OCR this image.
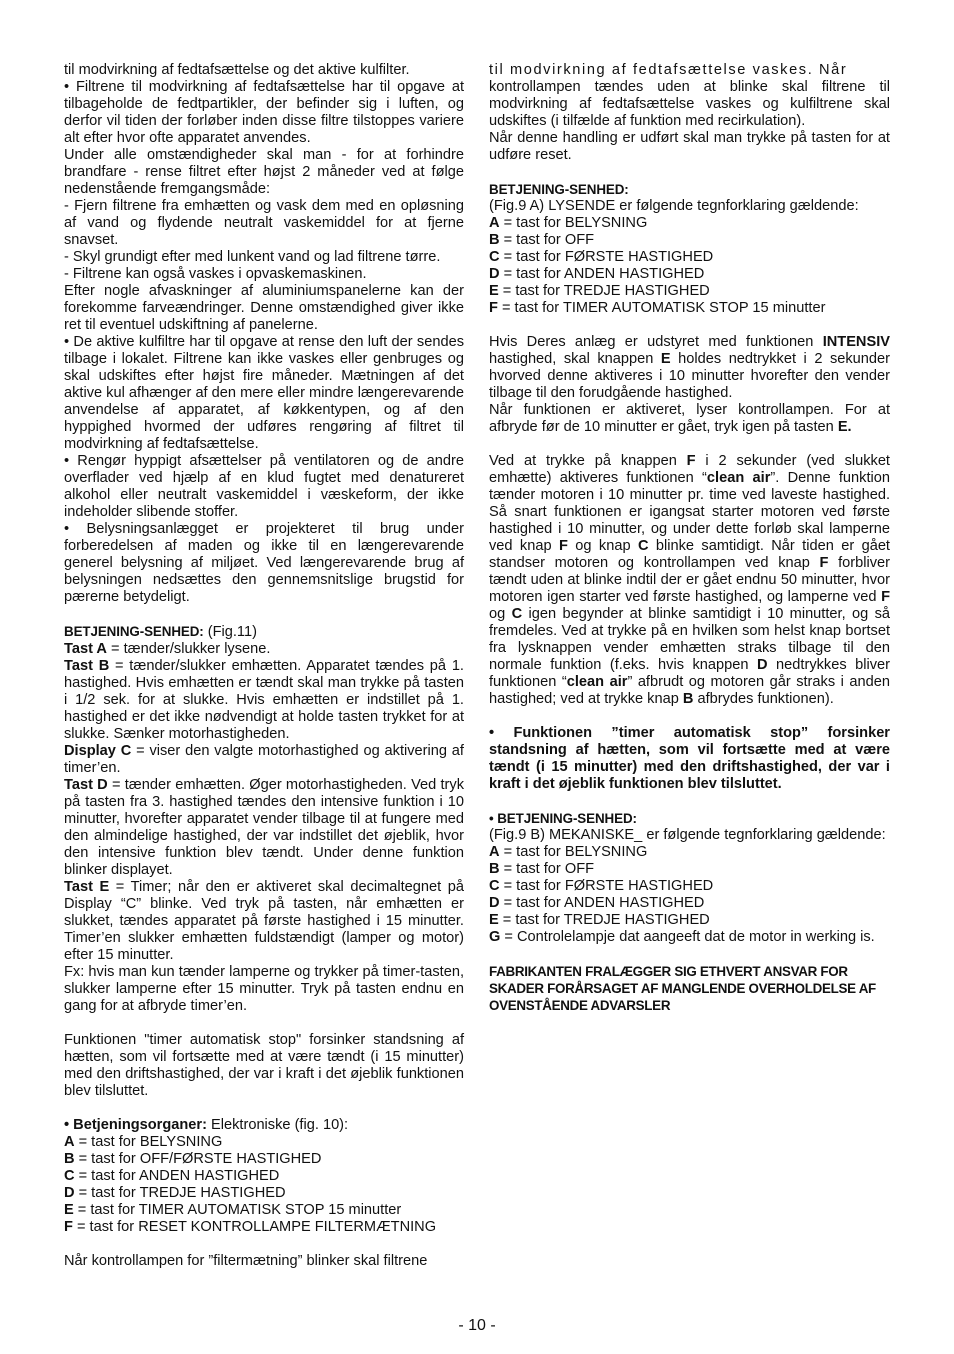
til modvirkning af fedtafsættelse og det aktive kulfilter.

• Filtrene til modvirkning af fedtafsættelse har til opgave at tilbageholde de fedtpartikler, der befinder sig i luften, og derfor vil tiden der forløber inden disse filtre tilstoppes variere alt efter hvor ofte apparatet anvendes.

Under alle omstændigheder skal man - for at forhindre brandfare - rense filtret efter højst 2 måneder ved at følge nedenstående fremgangsmåde:

- Fjern filtrene fra emhætten og vask dem med en opløsning af vand og flydende neutralt vaskemiddel for at fjerne snavset.

- Skyl grundigt efter med lunkent vand og lad filtrene tørre.

- Filtrene kan også vaskes i opvaskemaskinen.

Efter nogle afvaskninger af aluminiumspanelerne kan der forekomme farveændringer. Denne omstændighed giver ikke ret til eventuel udskiftning af panelerne.

• De aktive kulfiltre har til opgave at rense den luft der sendes tilbage i lokalet. Filtrene kan ikke vaskes eller genbruges og skal udskiftes efter højst fire måneder. Mætningen af det aktive kul afhænger af den mere eller mindre længerevarende anvendelse af apparatet, af køkkentypen, og af den hyppighed hvormed der udføres rengøring af filtret til modvirkning af fedtafsættelse.

• Rengør hyppigt afsættelser på ventilatoren og de andre overflader ved hjælp af en klud fugtet med denatureret alkohol eller neutralt vaskemiddel i væskeform, der ikke indeholder slibende stoffer.

• Belysningsanlægget er projekteret til brug under forberedelsen af maden og ikke til en længerevarende generel belysning af miljøet. Ved længerevarende brug af belysningen nedsættes den gennemsnitslige brugstid for pærerne betydeligt.

BETJENING-SENHED: (Fig.11)

Tast A = tænder/slukker lysene.

Tast B = tænder/slukker emhætten. Apparatet tændes på 1. hastighed. Hvis emhætten er tændt skal man trykke på tasten i 1/2 sek. for at slukke. Hvis emhætten er indstillet på 1. hastighed er det ikke nødvendigt at holde tasten trykket for at slukke. Sænker motorhastigheden.

Display C = viser den valgte motorhastighed og aktivering af timer’en.

Tast D = tænder emhætten. Øger motorhastigheden. Ved tryk på tasten fra 3. hastighed tændes den intensive funktion i 10 minutter, hvorefter apparatet vender tilbage til at fungere med den almindelige hastighed, der var indstillet det øjeblik, hvor den intensive funktion blev tændt. Under denne funktion blinker displayet.

Tast E = Timer; når den er aktiveret skal decimaltegnet på Display “C” blinke. Ved tryk på tasten, når emhætten er slukket, tændes apparatet på første hastighed i 15 minutter. Timer’en slukker emhætten fuldstændigt (lamper og motor) efter 15 minutter.

Fx: hvis man kun tænder lamperne og trykker på timer-tasten, slukker lamperne efter 15 minutter. Tryk på tasten endnu en gang for at afbryde timer’en.

Funktionen "timer automatisk stop" forsinker standsning af hætten, som vil fortsætte med at være tændt (i 15 minutter) med den driftshastighed, der var i kraft i det øjeblik funktionen blev tilsluttet.

• Betjeningsorganer: Elektroniske (fig. 10):

A = tast for BELYSNING

B = tast for OFF/FØRSTE HASTIGHED

C = tast for ANDEN HASTIGHED

D = tast for TREDJE HASTIGHED

E = tast for TIMER AUTOMATISK STOP 15 minutter

F = tast for RESET KONTROLLAMPE FILTERMÆTNING

Når kontrollampen for ”filtermætning” blinker skal filtrene

til modvirkning af fedtafsættelse vaskes. Når

kontrollampen tændes uden at blinke skal filtrene til modvirkning af fedtafsættelse vaskes og kulfiltrene skal udskiftes (i tilfælde af funktion med recirkulation).

Når denne handling er udført skal man trykke på tasten for at udføre reset.

BETJENING-SENHED:

(Fig.9 A) LYSENDE er følgende tegnforklaring gældende:

A = tast for BELYSNING

B = tast for OFF

C = tast for FØRSTE HASTIGHED

D = tast for ANDEN HASTIGHED

E = tast for TREDJE HASTIGHED

F = tast for TIMER AUTOMATISK STOP 15 minutter

Hvis Deres anlæg er udstyret med funktionen INTENSIV hastighed, skal knappen E holdes nedtrykket i 2 sekunder hvorved denne aktiveres i 10 minutter hvorefter den vender tilbage til den forudgående hastighed.

Når funktionen er aktiveret, lyser kontrollampen. For at afbryde før de 10 minutter er gået, tryk igen på tasten E.

Ved at trykke på knappen F i 2 sekunder (ved slukket emhætte) aktiveres funktionen “clean air”. Denne funktion tænder motoren i 10 minutter pr. time ved laveste hastighed. Så snart funktionen er igangsat starter motoren ved første hastighed i 10 minutter, og under dette forløb skal lamperne ved knap F og knap C blinke samtidigt. Når tiden er gået standser motoren og kontrollampen ved knap F forbliver tændt uden at blinke indtil der er gået endnu 50 minutter, hvor motoren igen starter ved første hastighed, og lamperne ved F og C igen begynder at blinke samtidigt i 10 minutter, og så fremdeles. Ved at trykke på en hvilken som helst knap bortset fra lysknappen vender emhætten straks tilbage til den normale funktion (f.eks. hvis knappen D nedtrykkes bliver funktionen “clean air” afbrudt og motoren går straks i anden hastighed; ved at trykke knap B afbrydes funktionen).

• Funktionen ”timer automatisk stop” forsinker standsning af hætten, som vil fortsætte med at være tændt (i 15 minutter) med den driftshastighed, der var i kraft i det øjeblik funktionen blev tilsluttet.

• BETJENING-SENHED:

(Fig.9 B) MEKANISKE_ er følgende tegnforklaring gældende:

A = tast for BELYSNING

B = tast for OFF

C = tast for FØRSTE HASTIGHED

D = tast for ANDEN HASTIGHED

E = tast for TREDJE HASTIGHED

G = Controlelampje dat aangeeft dat de motor in werking is.

FABRIKANTEN FRALÆGGER SIG ETHVERT ANSVAR FOR SKADER FORÅRSAGET AF MANGLENDE OVERHOLDELSE AF OVENSTÅENDE ADVARSLER

- 10 -
